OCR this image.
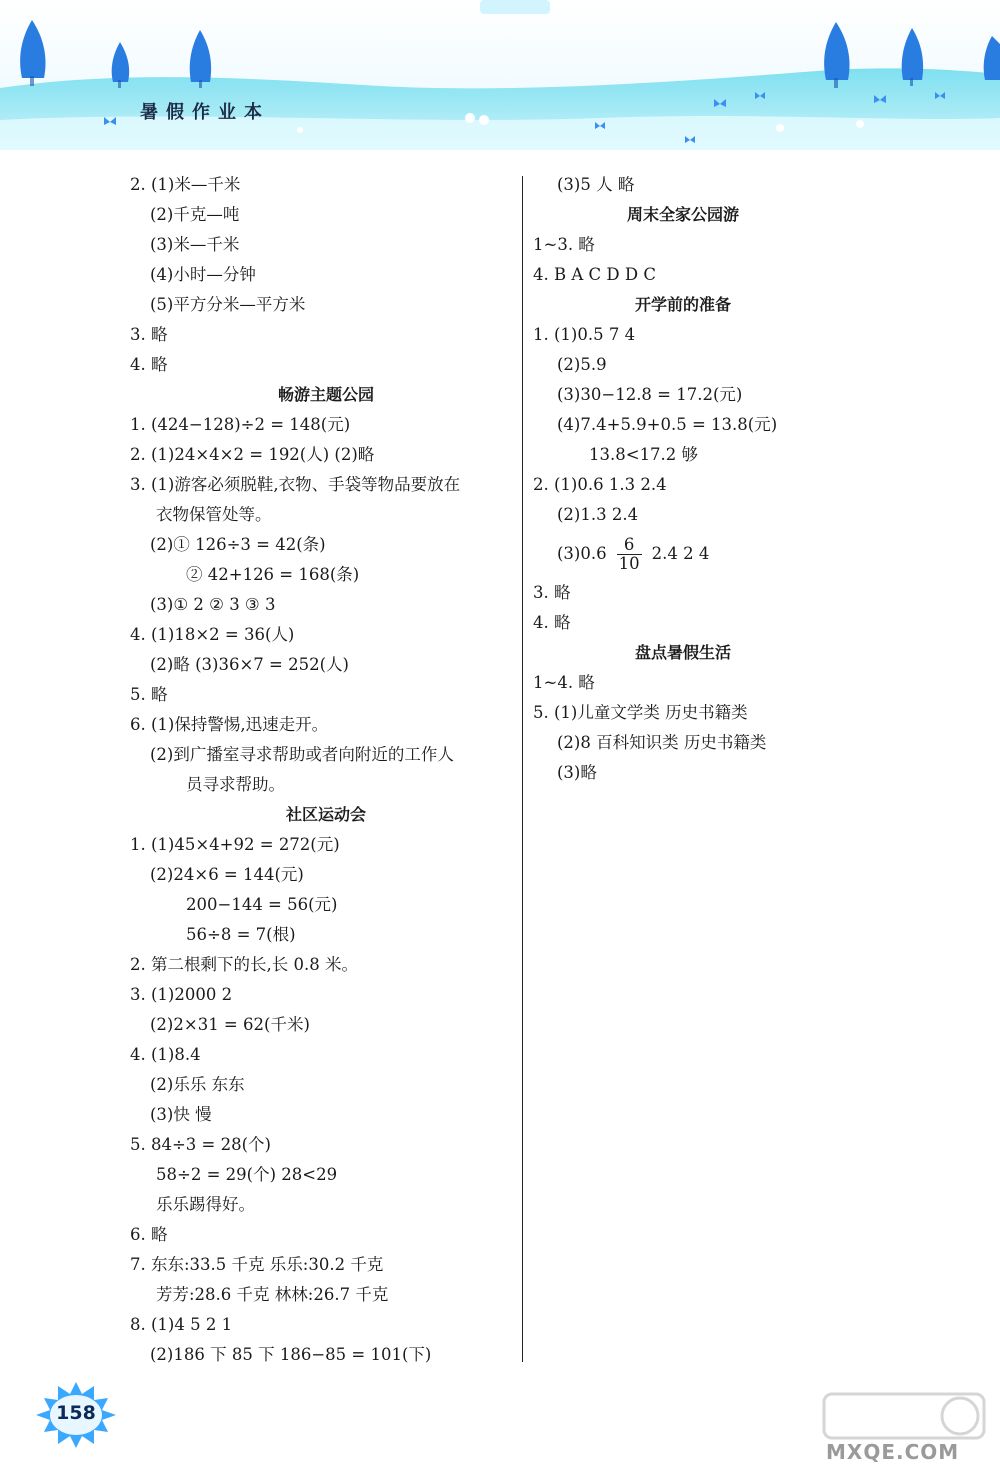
暑假作业本
2. (1)米—千米
(2)千克—吨
(3)米—千米
(4)小时—分钟
(5)平方分米—平方米
3. 略
4. 略
畅游主题公园
1. (424−128)÷2 = 148(元)
2. (1)24×4×2 = 192(人) (2)略
3. (1)游客必须脱鞋,衣物、手袋等物品要放在
衣物保管处等。
(2)① 126÷3 = 42(条)
② 42+126 = 168(条)
(3)① 2 ② 3 ③ 3
4. (1)18×2 = 36(人)
(2)略 (3)36×7 = 252(人)
5. 略
6. (1)保持警惕,迅速走开。
(2)到广播室寻求帮助或者向附近的工作人
员寻求帮助。
社区运动会
1. (1)45×4+92 = 272(元)
(2)24×6 = 144(元)
200−144 = 56(元)
56÷8 = 7(根)
2. 第二根剩下的长,长 0.8 米。
3. (1)2000 2
(2)2×31 = 62(千米)
4. (1)8.4
(2)乐乐 东东
(3)快 慢
5. 84÷3 = 28(个)
58÷2 = 29(个) 28<29
乐乐踢得好。
6. 略
7. 东东:33.5 千克 乐乐:30.2 千克
芳芳:28.6 千克 林林:26.7 千克
8. (1)4 5 2 1
(2)186 下 85 下 186−85 = 101(下)
(3)5 人 略
周末全家公园游
1~3. 略
4. B A C D D C
开学前的准备
1. (1)0.5 7 4
(2)5.9
(3)30−12.8 = 17.2(元)
(4)7.4+5.9+0.5 = 13.8(元)
13.8<17.2 够
2. (1)0.6 1.3 2.4
(2)1.3 2.4
$(3)0.6 \frac{6}{10} 2.4$ 2 4
3. 略
4. 略
盘点暑假生活
1~4. 略
5. (1)儿童文学类 历史书籍类
(2)8 百科知识类 历史书籍类
(3)略
158
MXQE.COM
